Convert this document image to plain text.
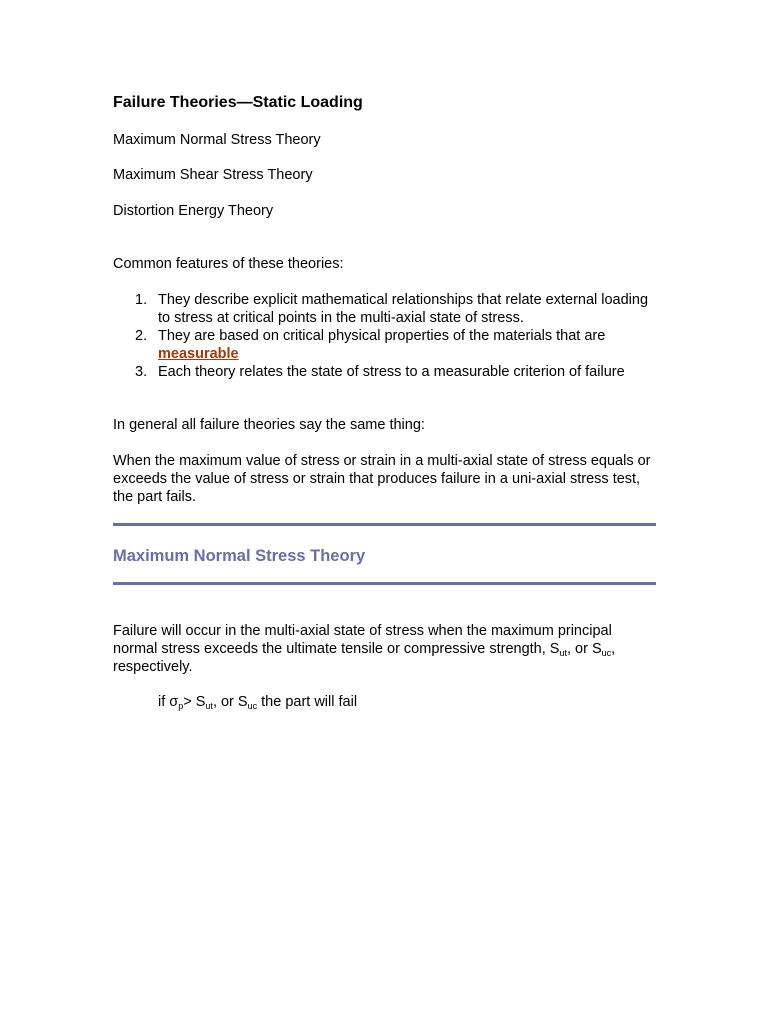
Failure Theories—Static Loading
Maximum Normal Stress Theory
Maximum Shear Stress Theory
Distortion Energy Theory
Common features of these theories:
1. They describe explicit mathematical relationships that relate external loading to stress at critical points in the multi-axial state of stress.
2. They are based on critical physical properties of the materials that are measurable
3. Each theory relates the state of stress to a measurable criterion of failure
In general all failure theories say the same thing:
When the maximum value of stress or strain in a multi-axial state of stress equals or exceeds the value of stress or strain that produces failure in a uni-axial stress test, the part fails.
Maximum Normal Stress Theory
Failure will occur in the multi-axial state of stress when the maximum principal normal stress exceeds the ultimate tensile or compressive strength, $S_{ut}$, or $S_{uc}$, respectively.
if $\sigma_p> S_{ut}$, or $S_{uc}$ the part will fail
